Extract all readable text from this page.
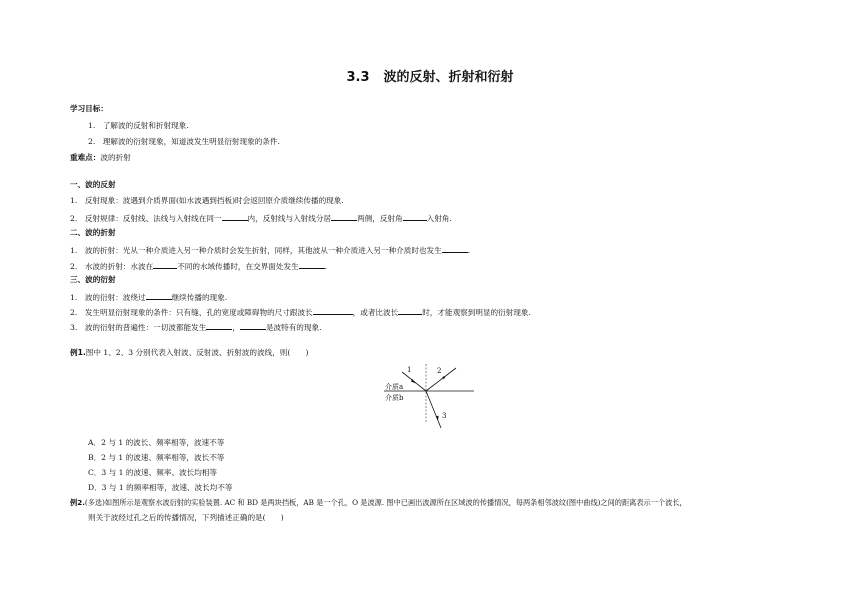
3.3 波的反射、折射和衍射
学习目标：
1.　了解波的反射和折射现象.
2.　理解波的衍射现象，知道波发生明显衍射现象的条件.
重难点：波的折射
一、波的反射
1.　反射现象：波遇到介质界面(如水波遇到挡板)时会返回原介质继续传播的现象.
2.　反射规律：反射线、法线与入射线在同一	内，反射线与入射线分居	两侧，反射角	入射角.
二、波的折射
1.　波的折射：光从一种介质进入另一种介质时会发生折射，同样，其他波从一种介质进入另一种介质时也发生	.
2.　水波的折射：水波在	不同的水域传播时，在交界面处发生	.
三、波的衍射
1.　波的衍射：波绕过	继续传播的现象.
2.　发生明显衍射现象的条件：只有缝、孔的宽度或障碍物的尺寸跟波长	，或者比波长	时，才能观察到明显的衍射现象.
3.　波的衍射的普遍性：一切波都能发生	，	是波特有的现象.
例1.图中 1、2、3 分别代表入射波、反射波、折射波的波线，则(　　)
1	2
3
介质a
介质b
A．2 与 1 的波长、频率相等，波速不等
B．2 与 1 的波速、频率相等，波长不等
C．3 与 1 的波速、频率、波长均相等
D．3 与 1 的频率相等，波速、波长均不等
例2.(多选)如图所示是观察水波衍射的实验装置. AC 和 BD 是两块挡板，AB 是一个孔，O 是波源. 图中已画出波源所在区域波的传播情况，每两条相邻波纹(图中曲线)之间的距离表示一个波长，
则关于波经过孔之后的传播情况，下列描述正确的是(　　)
